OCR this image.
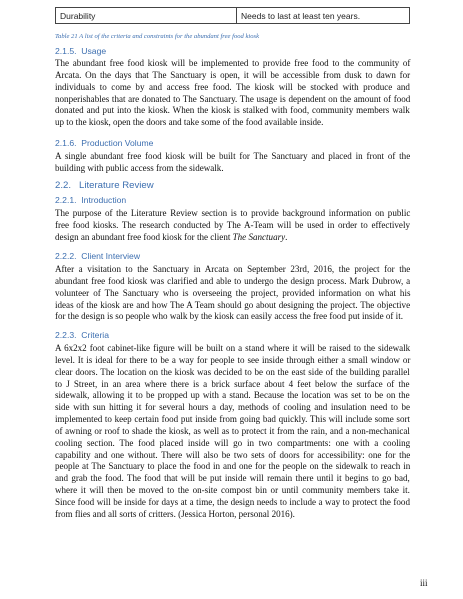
Durability	Needs to last at least ten years.
Table 21 A list of the criteria and constraints for the abundant free food kiosk
2.1.5. Usage
The abundant free food kiosk will be implemented to provide free food to the community of
Arcata. On the days that The Sanctuary is open, it will be accessible from dusk to dawn for
individuals to come by and access free food. The kiosk will be stocked with produce and
nonperishables that are donated to The Sanctuary. The usage is dependent on the amount of food
donated and put into the kiosk. When the kiosk is stalked with food, community members walk
up to the kiosk, open the doors and take some of the food available inside.
2.1.6. Production Volume
A single abundant free food kiosk will be built for The Sanctuary and placed in front of the
building with public access from the sidewalk.
2.2. Literature Review
2.2.1. Introduction
The purpose of the Literature Review section is to provide background information on public
free food kiosks. The research conducted by The A-Team will be used in order to effectively
design an abundant free food kiosk for the client The Sanctuary.
2.2.2. Client Interview
After a visitation to the Sanctuary in Arcata on September 23rd, 2016, the project for the
abundant free food kiosk was clarified and able to undergo the design process. Mark Dubrow, a
volunteer of The Sanctuary who is overseeing the project, provided information on what his
ideas of the kiosk are and how The A Team should go about designing the project. The objective
for the design is so people who walk by the kiosk can easily access the free food put inside of it.
2.2.3. Criteria
A 6x2x2 foot cabinet-like figure will be built on a stand where it will be raised to the sidewalk
level. It is ideal for there to be a way for people to see inside through either a small window or
clear doors. The location on the kiosk was decided to be on the east side of the building parallel
to J Street, in an area where there is a brick surface about 4 feet below the surface of the
sidewalk, allowing it to be propped up with a stand. Because the location was set to be on the
side with sun hitting it for several hours a day, methods of cooling and insulation need to be
implemented to keep certain food put inside from going bad quickly. This will include some sort
of awning or roof to shade the kiosk, as well as to protect it from the rain, and a non-mechanical
cooling section. The food placed inside will go in two compartments: one with a cooling
capability and one without. There will also be two sets of doors for accessibility: one for the
people at The Sanctuary to place the food in and one for the people on the sidewalk to reach in
and grab the food. The food that will be put inside will remain there until it begins to go bad,
where it will then be moved to the on-site compost bin or until community members take it.
Since food will be inside for days at a time, the design needs to include a way to protect the food
from flies and all sorts of critters. (Jessica Horton, personal 2016).
iii
